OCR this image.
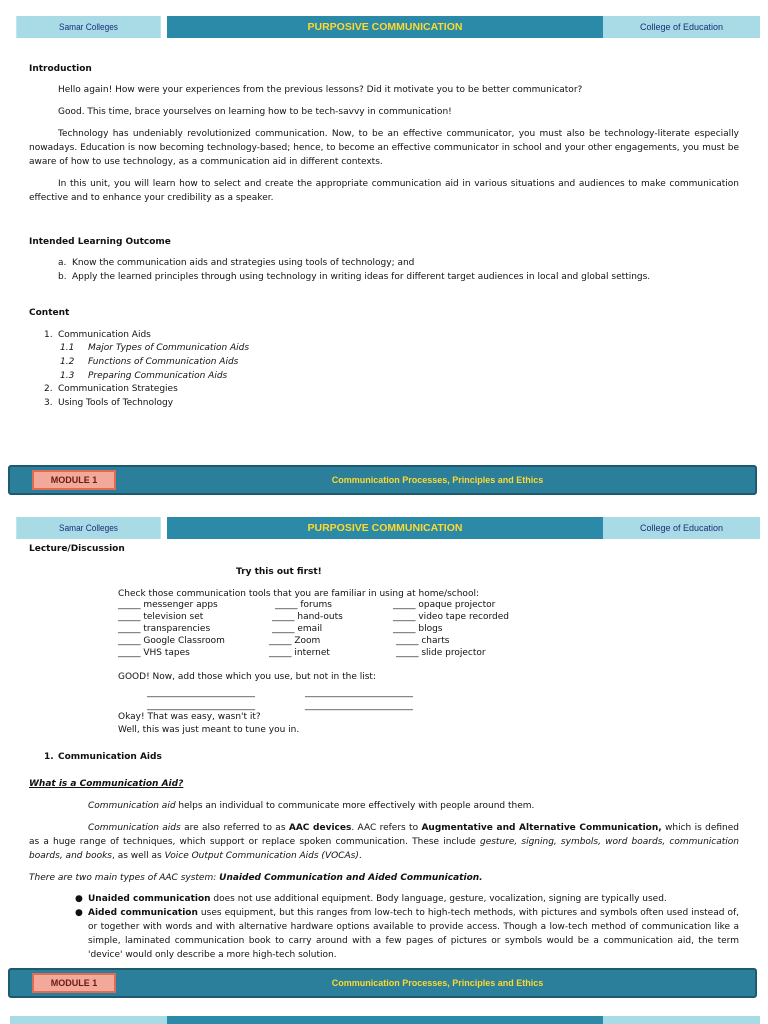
Samar Colleges	PURPOSIVE COMMUNICATION	College of Education
Introduction
Hello again! How were your experiences from the previous lessons? Did it motivate you to be better communicator?
Good. This time, brace yourselves on learning how to be tech-savvy in communication!
Technology has undeniably revolutionized communication. Now, to be an effective communicator, you must also be technology-literate especially nowadays. Education is now becoming technology-based; hence, to become an effective communicator in school and your other engagements, you must be aware of how to use technology, as a communication aid in different contexts.
In this unit, you will learn how to select and create the appropriate communication aid in various situations and audiences to make communication effective and to enhance your credibility as a speaker.
Intended Learning Outcome
a. Know the communication aids and strategies using tools of technology; and
b. Apply the learned principles through using technology in writing ideas for different target audiences in local and global settings.
Content
1. Communication Aids
1.1 Major Types of Communication Aids
1.2 Functions of Communication Aids
1.3 Preparing Communication Aids
2. Communication Strategies
3. Using Tools of Technology
MODULE 1	Communication Processes, Principles and Ethics
Samar Colleges	PURPOSIVE COMMUNICATION	College of Education
Lecture/Discussion
Try this out first!
Check those communication tools that you are familiar in using at home/school:
_____ messenger apps	_____ forums	_____ opaque projector
_____ television set	_____ hand-outs	_____ video tape recorded
_____ transparencies	_____ email	_____ blogs
_____ Google Classroom	_____ Zoom	_____ charts
_____ VHS tapes	_____ internet	_____ slide projector
GOOD! Now, add those which you use, but not in the list:
________________________	________________________
________________________	________________________
Okay! That was easy, wasn't it?
Well, this was just meant to tune you in.
1. Communication Aids
What is a Communication Aid?
Communication aid helps an individual to communicate more effectively with people around them.
Communication aids are also referred to as AAC devices. AAC refers to Augmentative and Alternative Communication, which is defined as a huge range of techniques, which support or replace spoken communication. These include gesture, signing, symbols, word boards, communication boards, and books, as well as Voice Output Communication Aids (VOCAs).
There are two main types of AAC system: Unaided Communication and Aided Communication.
● Unaided communication does not use additional equipment. Body language, gesture, vocalization, signing are typically used.
● Aided communication uses equipment, but this ranges from low-tech to high-tech methods, with pictures and symbols often used instead of, or together with words and with alternative hardware options available to provide access. Though a low-tech method of communication like a simple, laminated communication book to carry around with a few pages of pictures or symbols would be a communication aid, the term 'device' would only describe a more high-tech solution.
MODULE 1	Communication Processes, Principles and Ethics
